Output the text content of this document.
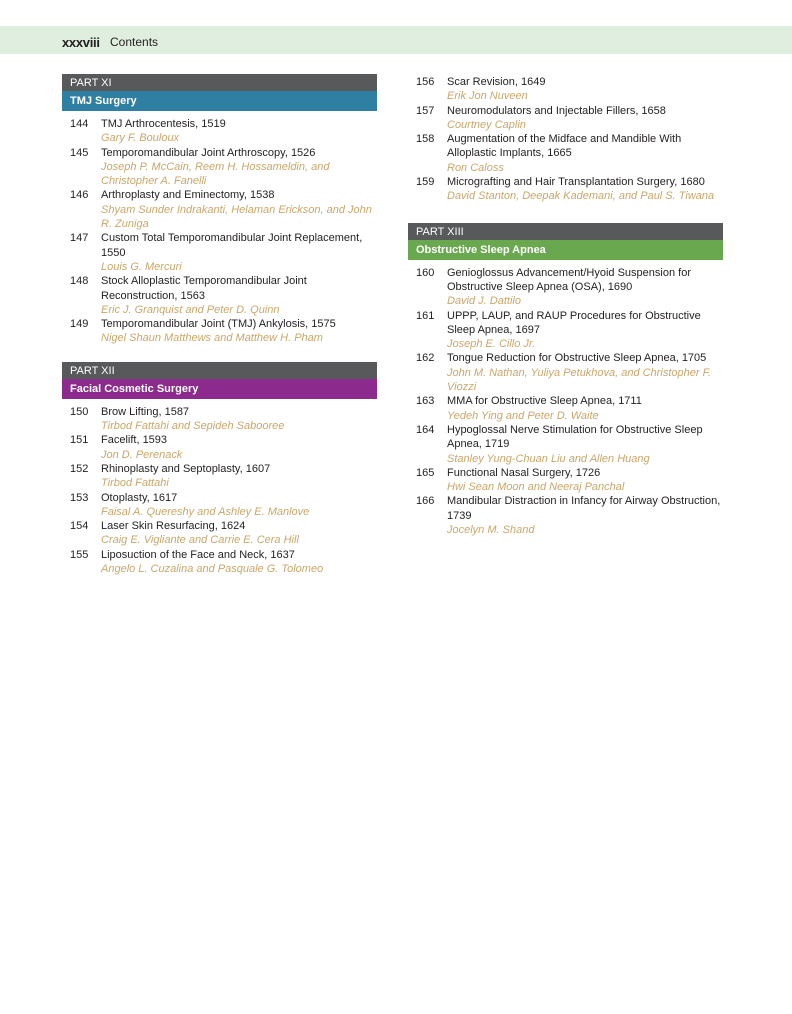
xxxviii Contents
PART XI
TMJ Surgery
144	TMJ Arthrocentesis, 1519
Gary F. Bouloux
145	Temporomandibular Joint Arthroscopy, 1526
Joseph P. McCain, Reem H. Hossameldin, and Christopher A. Fanelli
146	Arthroplasty and Eminectomy, 1538
Shyam Sunder Indrakanti, Helaman Erickson, and John R. Zuniga
147	Custom Total Temporomandibular Joint Replacement, 1550
Louis G. Mercuri
148	Stock Alloplastic Temporomandibular Joint Reconstruction, 1563
Eric J. Granquist and Peter D. Quinn
149	Temporomandibular Joint (TMJ) Ankylosis, 1575
Nigel Shaun Matthews and Matthew H. Pham
PART XII
Facial Cosmetic Surgery
150	Brow Lifting, 1587
Tirbod Fattahi and Sepideh Sabooree
151	Facelift, 1593
Jon D. Perenack
152	Rhinoplasty and Septoplasty, 1607
Tirbod Fattahi
153	Otoplasty, 1617
Faisal A. Quereshy and Ashley E. Manlove
154	Laser Skin Resurfacing, 1624
Craig E. Vigliante and Carrie E. Cera Hill
155	Liposuction of the Face and Neck, 1637
Angelo L. Cuzalina and Pasquale G. Tolomeo
156	Scar Revision, 1649
Erik Jon Nuveen
157	Neuromodulators and Injectable Fillers, 1658
Courtney Caplin
158	Augmentation of the Midface and Mandible With Alloplastic Implants, 1665
Ron Caloss
159	Micrografting and Hair Transplantation Surgery, 1680
David Stanton, Deepak Kademani, and Paul S. Tiwana
PART XIII
Obstructive Sleep Apnea
160	Genioglossus Advancement/Hyoid Suspension for Obstructive Sleep Apnea (OSA), 1690
David J. Dattilo
161	UPPP, LAUP, and RAUP Procedures for Obstructive Sleep Apnea, 1697
Joseph E. Cillo Jr.
162	Tongue Reduction for Obstructive Sleep Apnea, 1705
John M. Nathan, Yuliya Petukhova, and Christopher F. Viozzi
163	MMA for Obstructive Sleep Apnea, 1711
Yedeh Ying and Peter D. Waite
164	Hypoglossal Nerve Stimulation for Obstructive Sleep Apnea, 1719
Stanley Yung-Chuan Liu and Allen Huang
165	Functional Nasal Surgery, 1726
Hwi Sean Moon and Neeraj Panchal
166	Mandibular Distraction in Infancy for Airway Obstruction, 1739
Jocelyn M. Shand
